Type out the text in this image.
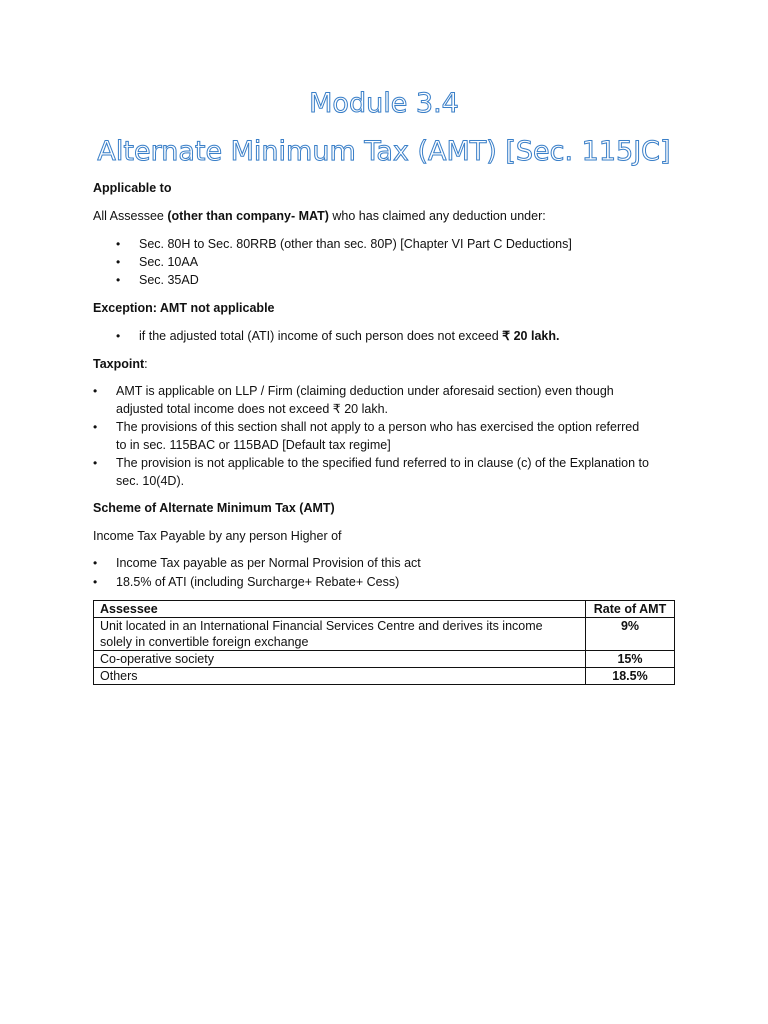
Module 3.4
Alternate Minimum Tax (AMT) [Sec. 115JC]
Applicable to
All Assessee (other than company- MAT) who has claimed any deduction under:
• Sec. 80H to Sec. 80RRB (other than sec. 80P) [Chapter VI Part C Deductions]
• Sec. 10AA
• Sec. 35AD
Exception: AMT not applicable
• if the adjusted total (ATI) income of such person does not exceed ₹ 20 lakh.
Taxpoint:
• AMT is applicable on LLP / Firm (claiming deduction under aforesaid section) even though
adjusted total income does not exceed ₹ 20 lakh.
• The provisions of this section shall not apply to a person who has exercised the option referred
to in sec. 115BAC or 115BAD [Default tax regime]
• The provision is not applicable to the specified fund referred to in clause (c) of the Explanation to
sec. 10(4D).
Scheme of Alternate Minimum Tax (AMT)
Income Tax Payable by any person Higher of
• Income Tax payable as per Normal Provision of this act
• 18.5% of ATI (including Surcharge+ Rebate+ Cess)
Assessee	Rate of AMT
Unit located in an International Financial Services Centre and derives its income
solely in convertible foreign exchange	9%
Co-operative society	15%
Others	18.5%
